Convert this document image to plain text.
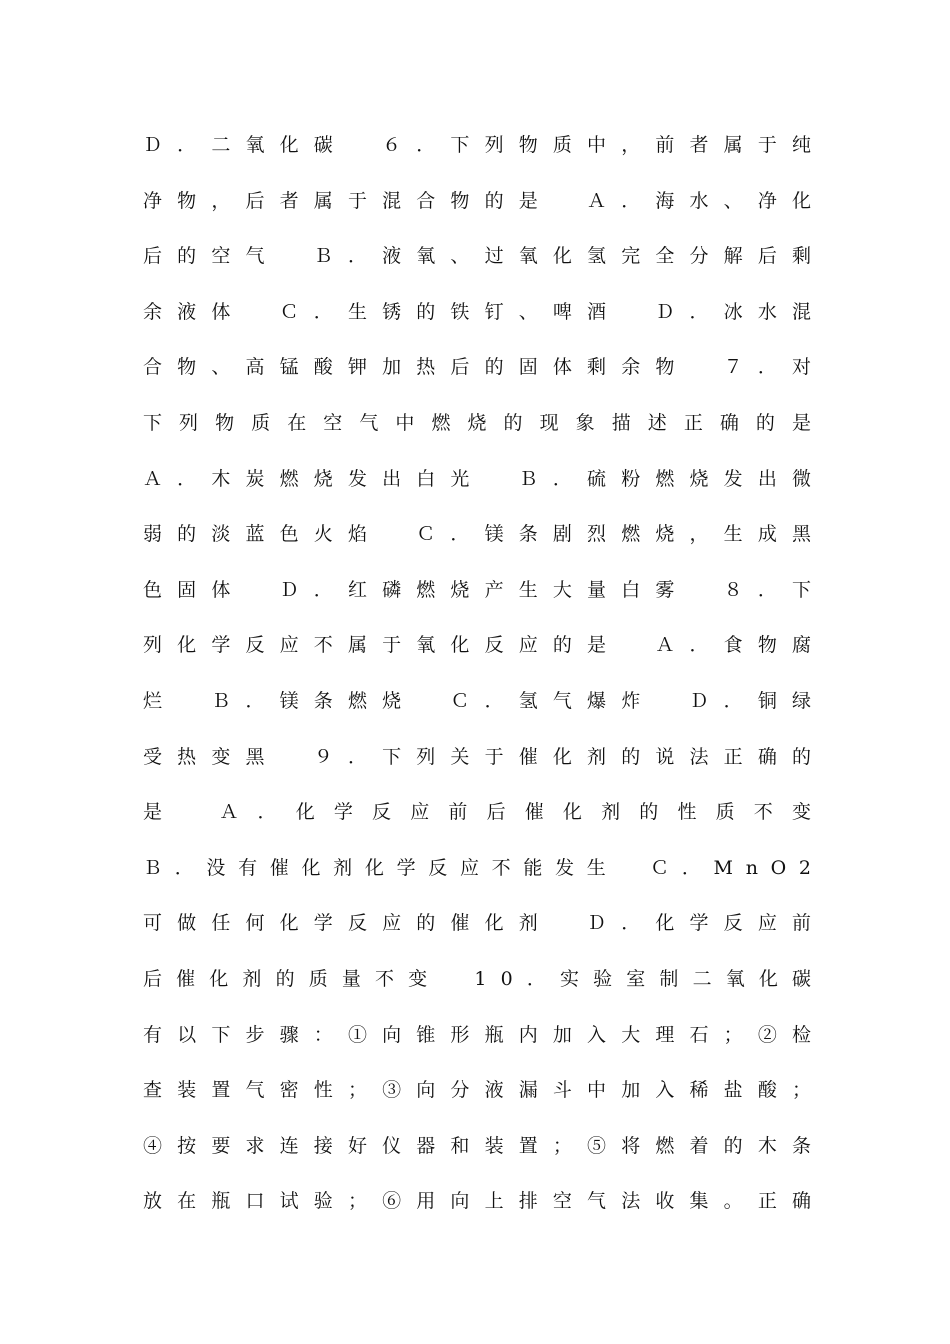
Ｄ．二氧化碳　６．下列物质中，前者属于纯
净物，后者属于混合物的是　Ａ．海水、净化
后的空气　Ｂ．液氧、过氧化氢完全分解后剩
余液体　Ｃ．生锈的铁钉、啤酒　Ｄ．冰水混
合物、高锰酸钾加热后的固体剩余物　７．对
下列物质在空气中燃烧的现象描述正确的是
Ａ．木炭燃烧发出白光　Ｂ．硫粉燃烧发出微
弱的淡蓝色火焰　Ｃ．镁条剧烈燃烧，生成黑
色固体　Ｄ．红磷燃烧产生大量白雾　８．下
列化学反应不属于氧化反应的是　Ａ．食物腐
烂　Ｂ．镁条燃烧　Ｃ．氢气爆炸　Ｄ．铜绿
受热变黑　９．下列关于催化剂的说法正确的
是　Ａ．化学反应前后催化剂的性质不变
Ｂ．没有催化剂化学反应不能发生　Ｃ．MnO2
可做任何化学反应的催化剂　Ｄ．化学反应前
后催化剂的质量不变　10．实验室制二氧化碳
有以下步骤：①向锥形瓶内加入大理石；②检
查装置气密性；③向分液漏斗中加入稀盐酸；
④按要求连接好仪器和装置；⑤将燃着的木条
放在瓶口试验；⑥用向上排空气法收集。正确
